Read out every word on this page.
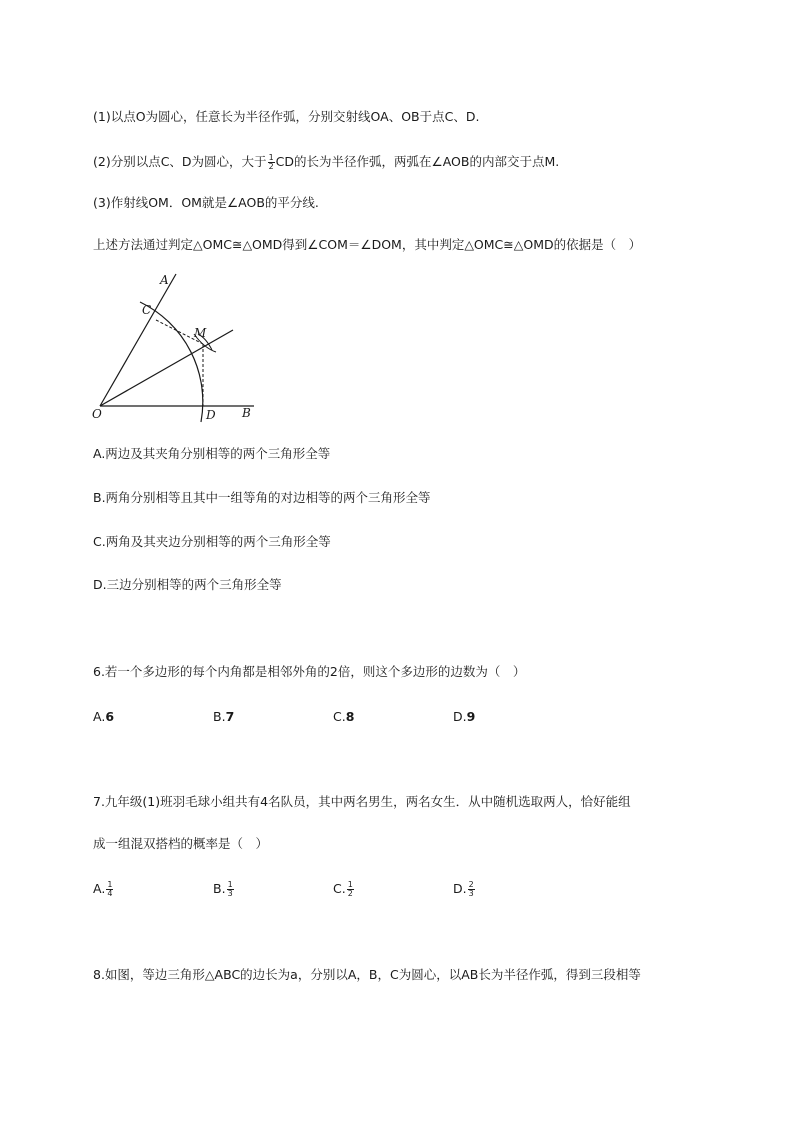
(1)以点O为圆心，任意长为半径作弧，分别交射线OA、OB于点C、D.
(2)分别以点C、D为圆心，大于 $\frac{1}{2}$ CD的长为半径作弧，两弧在∠AOB的内部交于点M.
(3)作射线OM．OM就是∠AOB的平分线.
上述方法通过判定△OMC≅△OMD得到∠COM＝∠DOM，其中判定△OMC≅△OMD的依据是（　）
A
C
M
O	D B
A.两边及其夹角分别相等的两个三角形全等
B.两角分别相等且其中一组等角的对边相等的两个三角形全等
C.两角及其夹边分别相等的两个三角形全等
D.三边分别相等的两个三角形全等
6.若一个多边形的每个内角都是相邻外角的2倍，则这个多边形的边数为（　）
A.6	B.7	C.8	D.9
7.九年级(1)班羽毛球小组共有4名队员，其中两名男生，两名女生．从中随机选取两人，恰好能组
成一组混双搭档的概率是（　）
A. $\frac{1}{4}$	B. $\frac{1}{3}$	C. $\frac{1}{2}$	D. $\frac{2}{3}$
8.如图，等边三角形△ABC的边长为a，分别以A，B，C为圆心，以AB长为半径作弧，得到三段相等
